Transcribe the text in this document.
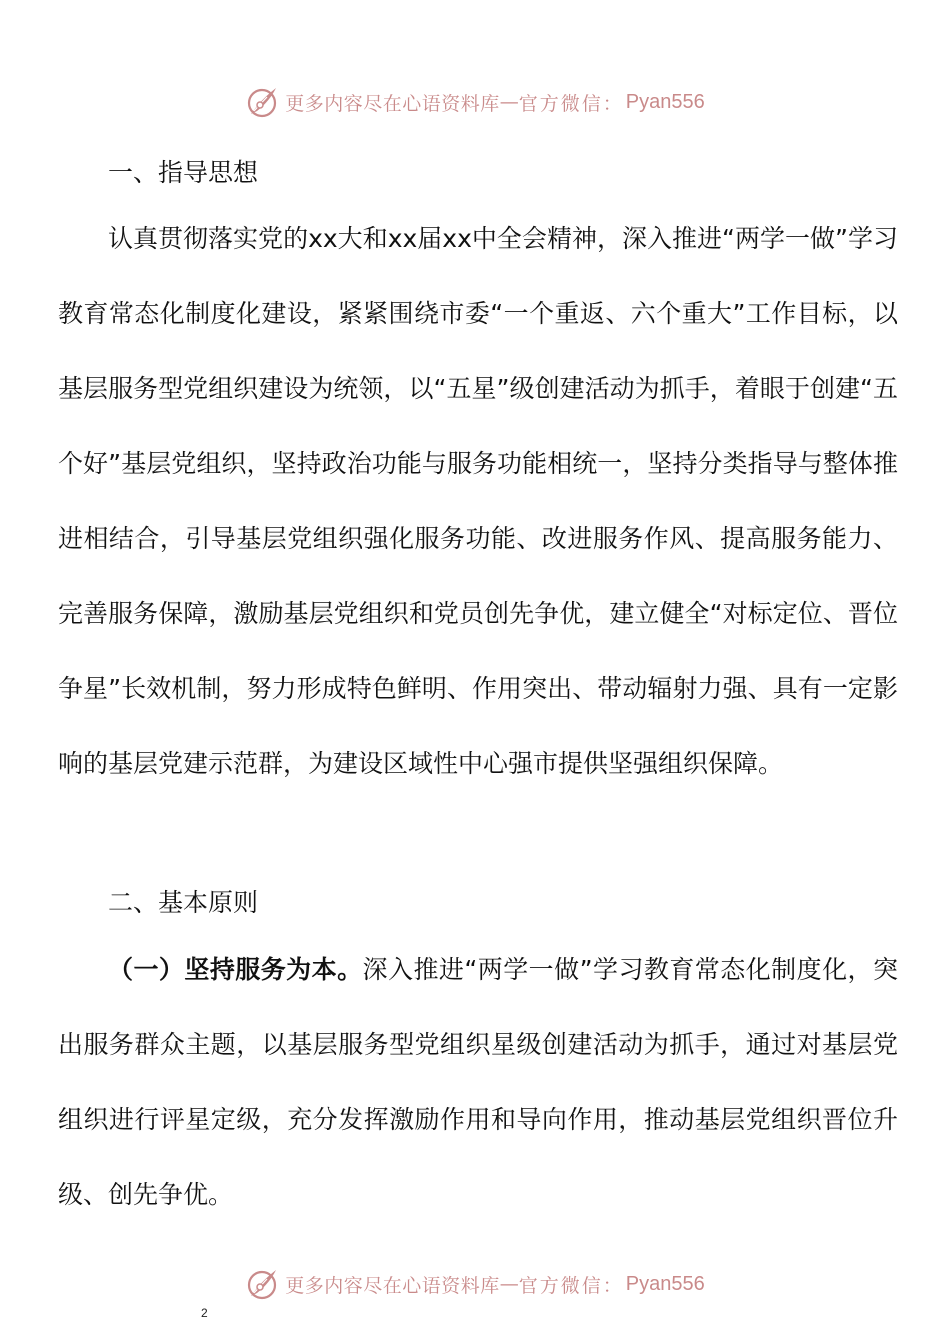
更多内容尽在心语资料库 — 官方微信： Pyan556
一、指导思想

认真贯彻落实党的xx大和xx届xx中全会精神，深入推进“两学一做”学习教育常态化制度化建设，紧紧围绕市委“一个重返、六个重大”工作目标，以基层服务型党组织建设为统领，以“五星”级创建活动为抓手，着眼于创建“五个好”基层党组织，坚持政治功能与服务功能相统一，坚持分类指导与整体推进相结合，引导基层党组织强化服务功能、改进服务作风、提高服务能力、完善服务保障，激励基层党组织和党员创先争优，建立健全“对标定位、晋位争星”长效机制，努力形成特色鲜明、作用突出、带动辐射力强、具有一定影响的基层党建示范群，为建设区域性中心强市提供坚强组织保障。

二、基本原则

（一）坚持服务为本。深入推进“两学一做”学习教育常态化制度化，突出服务群众主题，以基层服务型党组织星级创建活动为抓手，通过对基层党组织进行评星定级，充分发挥激励作用和导向作用，推动基层党组织晋位升级、创先争优。

更多内容尽在心语资料库 — 官方微信： Pyan556
2
